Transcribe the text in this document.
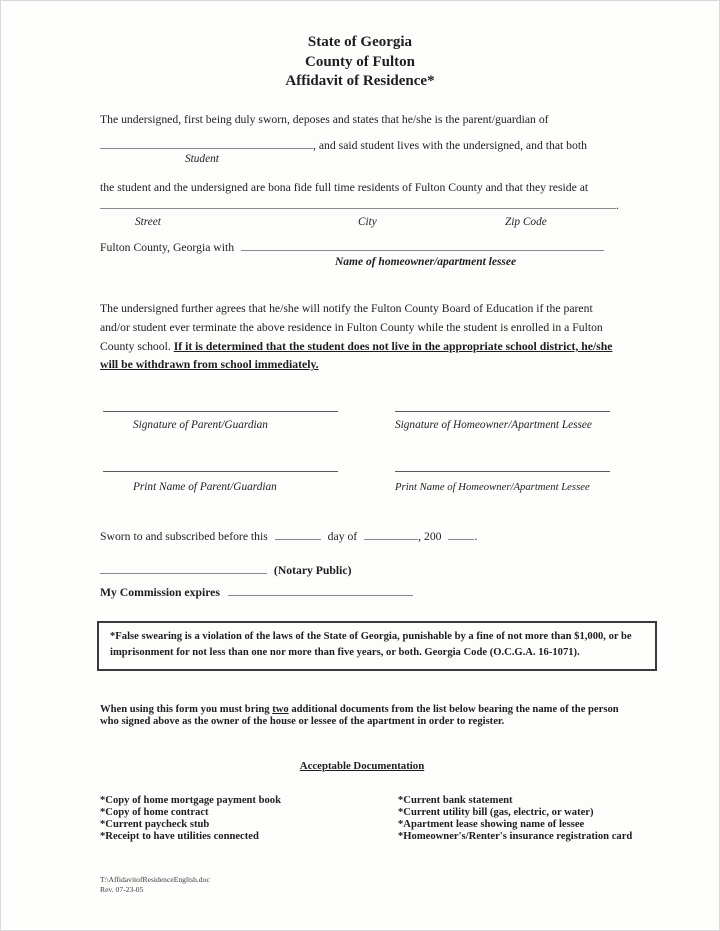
State of Georgia
County of Fulton
Affidavit of Residence*
The undersigned, first being duly sworn, deposes and states that he/she is the parent/guardian of
, and said student lives with the undersigned, and that both
Student
the student and the undersigned are bona fide full time residents of Fulton County and that they reside at
.
Street	City	Zip Code
Fulton County, Georgia with
Name of homeowner/apartment lessee
The undersigned further agrees that he/she will notify the Fulton County Board of Education if the parent and/or student ever terminate the above residence in Fulton County while the student is enrolled in a Fulton County school. If it is determined that the student does not live in the appropriate school district, he/she will be withdrawn from school immediately.
Signature of Parent/Guardian	Signature of Homeowner/Apartment Lessee
Print Name of Parent/Guardian	Print Name of Homeowner/Apartment Lessee
Sworn to and subscribed before this	day of	, 200	.
(Notary Public)
My Commission expires
*False swearing is a violation of the laws of the State of Georgia, punishable by a fine of not more than $1,000, or be imprisonment for not less than one nor more than five years, or both. Georgia Code (O.C.G.A. 16-1071).
When using this form you must bring two additional documents from the list below bearing the name of the person who signed above as the owner of the house or lessee of the apartment in order to register.
Acceptable Documentation
*Copy of home mortgage payment book
*Copy of home contract
*Current paycheck stub
*Receipt to have utilities connected
*Current bank statement
*Current utility bill (gas, electric, or water)
*Apartment lease showing name of lessee
*Homeowner's/Renter's insurance registration card
T:\AffidavitofResidenceEnglish.doc
Rev. 07-23-05
